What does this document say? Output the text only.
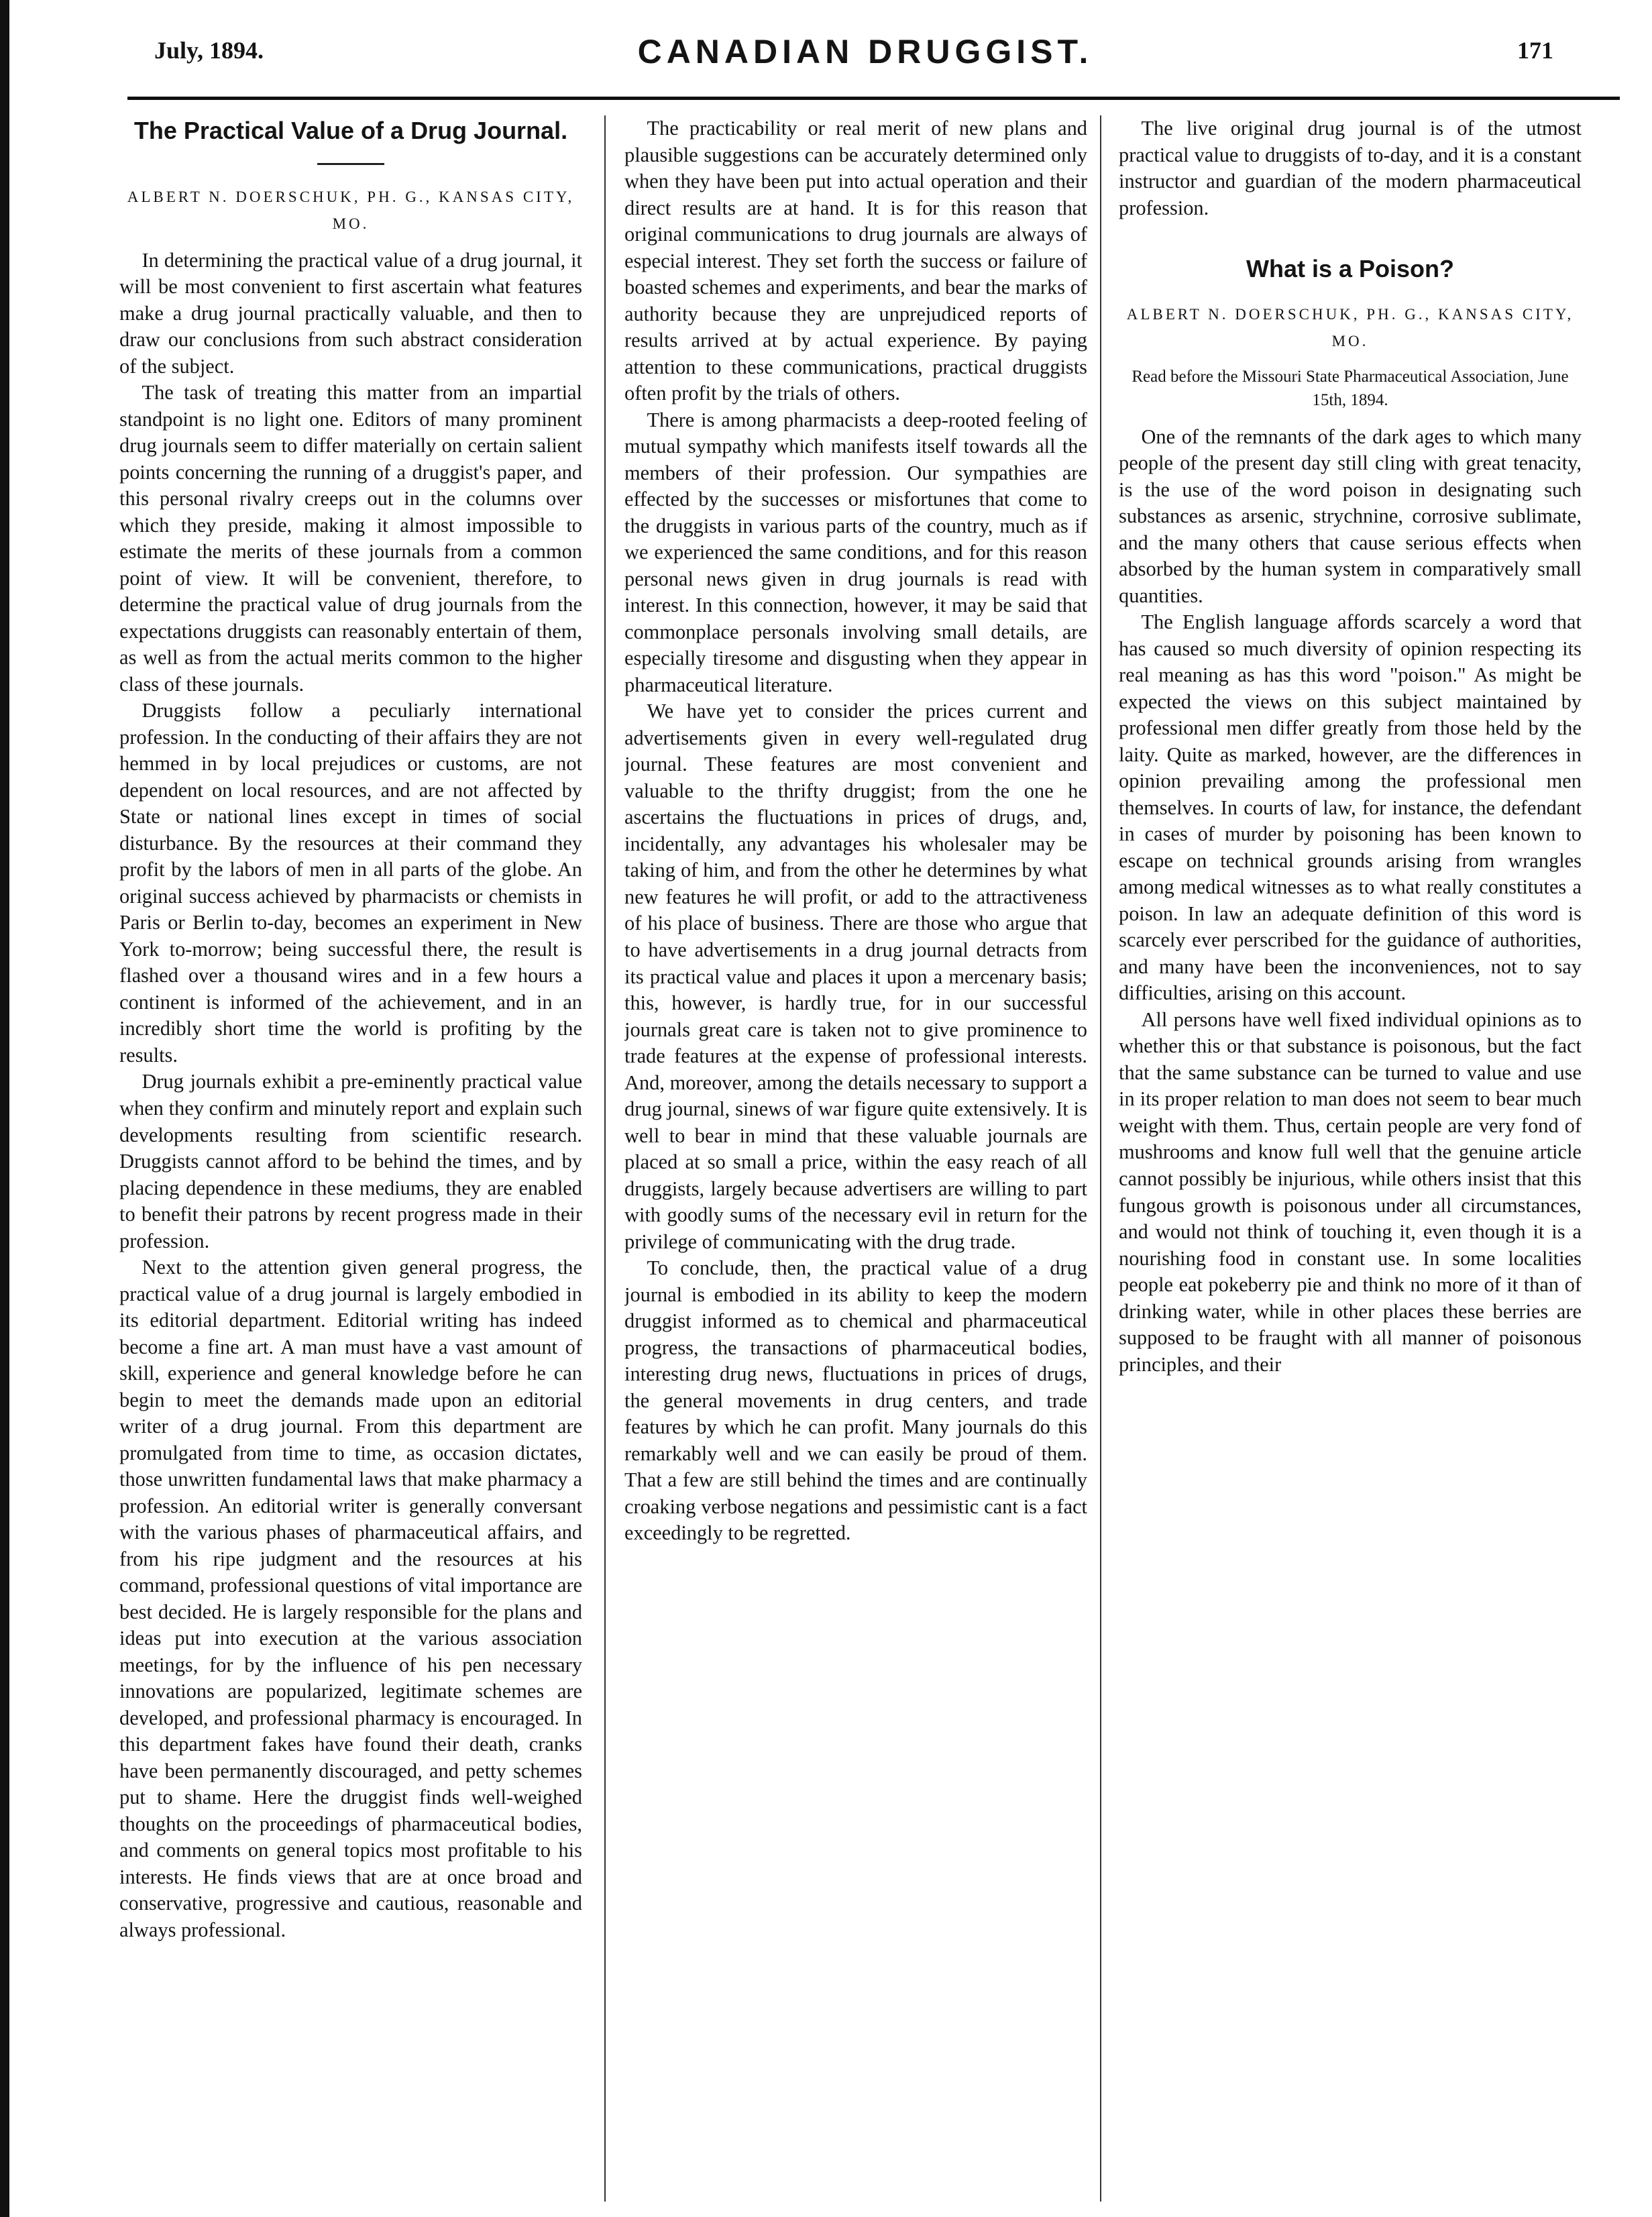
July, 1894.	CANADIAN DRUGGIST.	171
The Practical Value of a Drug Journal.
ALBERT N. DOERSCHUK, PH. G., KANSAS CITY, MO.

In determining the practical value of a drug journal, it will be most convenient to first ascertain what features make a drug journal practically valuable, and then to draw our conclusions from such abstract consideration of the subject.

The task of treating this matter from an impartial standpoint is no light one. Editors of many prominent drug journals seem to differ materially on certain salient points concerning the running of a druggist's paper, and this personal rivalry creeps out in the columns over which they preside, making it almost impossible to estimate the merits of these journals from a common point of view. It will be convenient, therefore, to determine the practical value of drug journals from the expectations druggists can reasonably entertain of them, as well as from the actual merits common to the higher class of these journals.

Druggists follow a peculiarly international profession. In the conducting of their affairs they are not hemmed in by local prejudices or customs, are not dependent on local resources, and are not affected by State or national lines except in times of social disturbance. By the resources at their command they profit by the labors of men in all parts of the globe. An original success achieved by pharmacists or chemists in Paris or Berlin to-day, becomes an experiment in New York to-morrow; being successful there, the result is flashed over a thousand wires and in a few hours a continent is informed of the achievement, and in an incredibly short time the world is profiting by the results.

Drug journals exhibit a pre-eminently practical value when they confirm and minutely report and explain such developments resulting from scientific research. Druggists cannot afford to be behind the times, and by placing dependence in these mediums, they are enabled to benefit their patrons by recent progress made in their profession.

Next to the attention given general progress, the practical value of a drug journal is largely embodied in its editorial department. Editorial writing has indeed become a fine art. A man must have a vast amount of skill, experience and general knowledge before he can begin to meet the demands made upon an editorial writer of a drug journal. From this department are promulgated from time to time, as occasion dictates, those unwritten fundamental laws that make pharmacy a profession. An editorial writer is generally conversant with the various phases of pharmaceutical affairs, and from his ripe judgment and the resources at his command, professional questions of vital importance are best decided. He is largely responsible for the plans and ideas put into execution at the various association meetings, for by the influence of his pen necessary innovations are popularized, legitimate schemes are developed, and professional pharmacy is encouraged. In this department fakes have found their death, cranks have been permanently discouraged, and petty schemes put to shame. Here the druggist finds well-weighed thoughts on the proceedings of pharmaceutical bodies, and comments on general topics most profitable to his interests. He finds views that are at once broad and conservative, progressive and cautious, reasonable and always professional.

The practicability or real merit of new plans and plausible suggestions can be accurately determined only when they have been put into actual operation and their direct results are at hand. It is for this reason that original communications to drug journals are always of especial interest. They set forth the success or failure of boasted schemes and experiments, and bear the marks of authority because they are unprejudiced reports of results arrived at by actual experience. By paying attention to these communications, practical druggists often profit by the trials of others.

There is among pharmacists a deep-rooted feeling of mutual sympathy which manifests itself towards all the members of their profession. Our sympathies are effected by the successes or misfortunes that come to the druggists in various parts of the country, much as if we experienced the same conditions, and for this reason personal news given in drug journals is read with interest. In this connection, however, it may be said that commonplace personals involving small details, are especially tiresome and disgusting when they appear in pharmaceutical literature.

We have yet to consider the prices current and advertisements given in every well-regulated drug journal. These features are most convenient and valuable to the thrifty druggist; from the one he ascertains the fluctuations in prices of drugs, and, incidentally, any advantages his wholesaler may be taking of him, and from the other he determines by what new features he will profit, or add to the attractiveness of his place of business. There are those who argue that to have advertisements in a drug journal detracts from its practical value and places it upon a mercenary basis; this, however, is hardly true, for in our successful journals great care is taken not to give prominence to trade features at the expense of professional interests. And, moreover, among the details necessary to support a drug journal, sinews of war figure quite extensively. It is well to bear in mind that these valuable journals are placed at so small a price, within the easy reach of all druggists, largely because advertisers are willing to part with goodly sums of the necessary evil in return for the privilege of communicating with the drug trade.

To conclude, then, the practical value of a drug journal is embodied in its ability to keep the modern druggist informed as to chemical and pharmaceutical progress, the transactions of pharmaceutical bodies, interesting drug news, fluctuations in prices of drugs, the general movements in drug centers, and trade features by which he can profit. Many journals do this remarkably well and we can easily be proud of them. That a few are still behind the times and are continually croaking verbose negations and pessimistic cant is a fact exceedingly to be regretted.

The live original drug journal is of the utmost practical value to druggists of to-day, and it is a constant instructor and guardian of the modern pharmaceutical profession.

What is a Poison?
ALBERT N. DOERSCHUK, PH. G., KANSAS CITY, MO.
Read before the Missouri State Pharmaceutical Association, June 15th, 1894.

One of the remnants of the dark ages to which many people of the present day still cling with great tenacity, is the use of the word poison in designating such substances as arsenic, strychnine, corrosive sublimate, and the many others that cause serious effects when absorbed by the human system in comparatively small quantities.

The English language affords scarcely a word that has caused so much diversity of opinion respecting its real meaning as has this word "poison." As might be expected the views on this subject maintained by professional men differ greatly from those held by the laity. Quite as marked, however, are the differences in opinion prevailing among the professional men themselves. In courts of law, for instance, the defendant in cases of murder by poisoning has been known to escape on technical grounds arising from wrangles among medical witnesses as to what really constitutes a poison. In law an adequate definition of this word is scarcely ever perscribed for the guidance of authorities, and many have been the inconveniences, not to say difficulties, arising on this account.

All persons have well fixed individual opinions as to whether this or that substance is poisonous, but the fact that the same substance can be turned to value and use in its proper relation to man does not seem to bear much weight with them. Thus, certain people are very fond of mushrooms and know full well that the genuine article cannot possibly be injurious, while others insist that this fungous growth is poisonous under all circumstances, and would not think of touching it, even though it is a nourishing food in constant use. In some localities people eat pokeberry pie and think no more of it than of drinking water, while in other places these berries are supposed to be fraught with all manner of poisonous principles, and their
